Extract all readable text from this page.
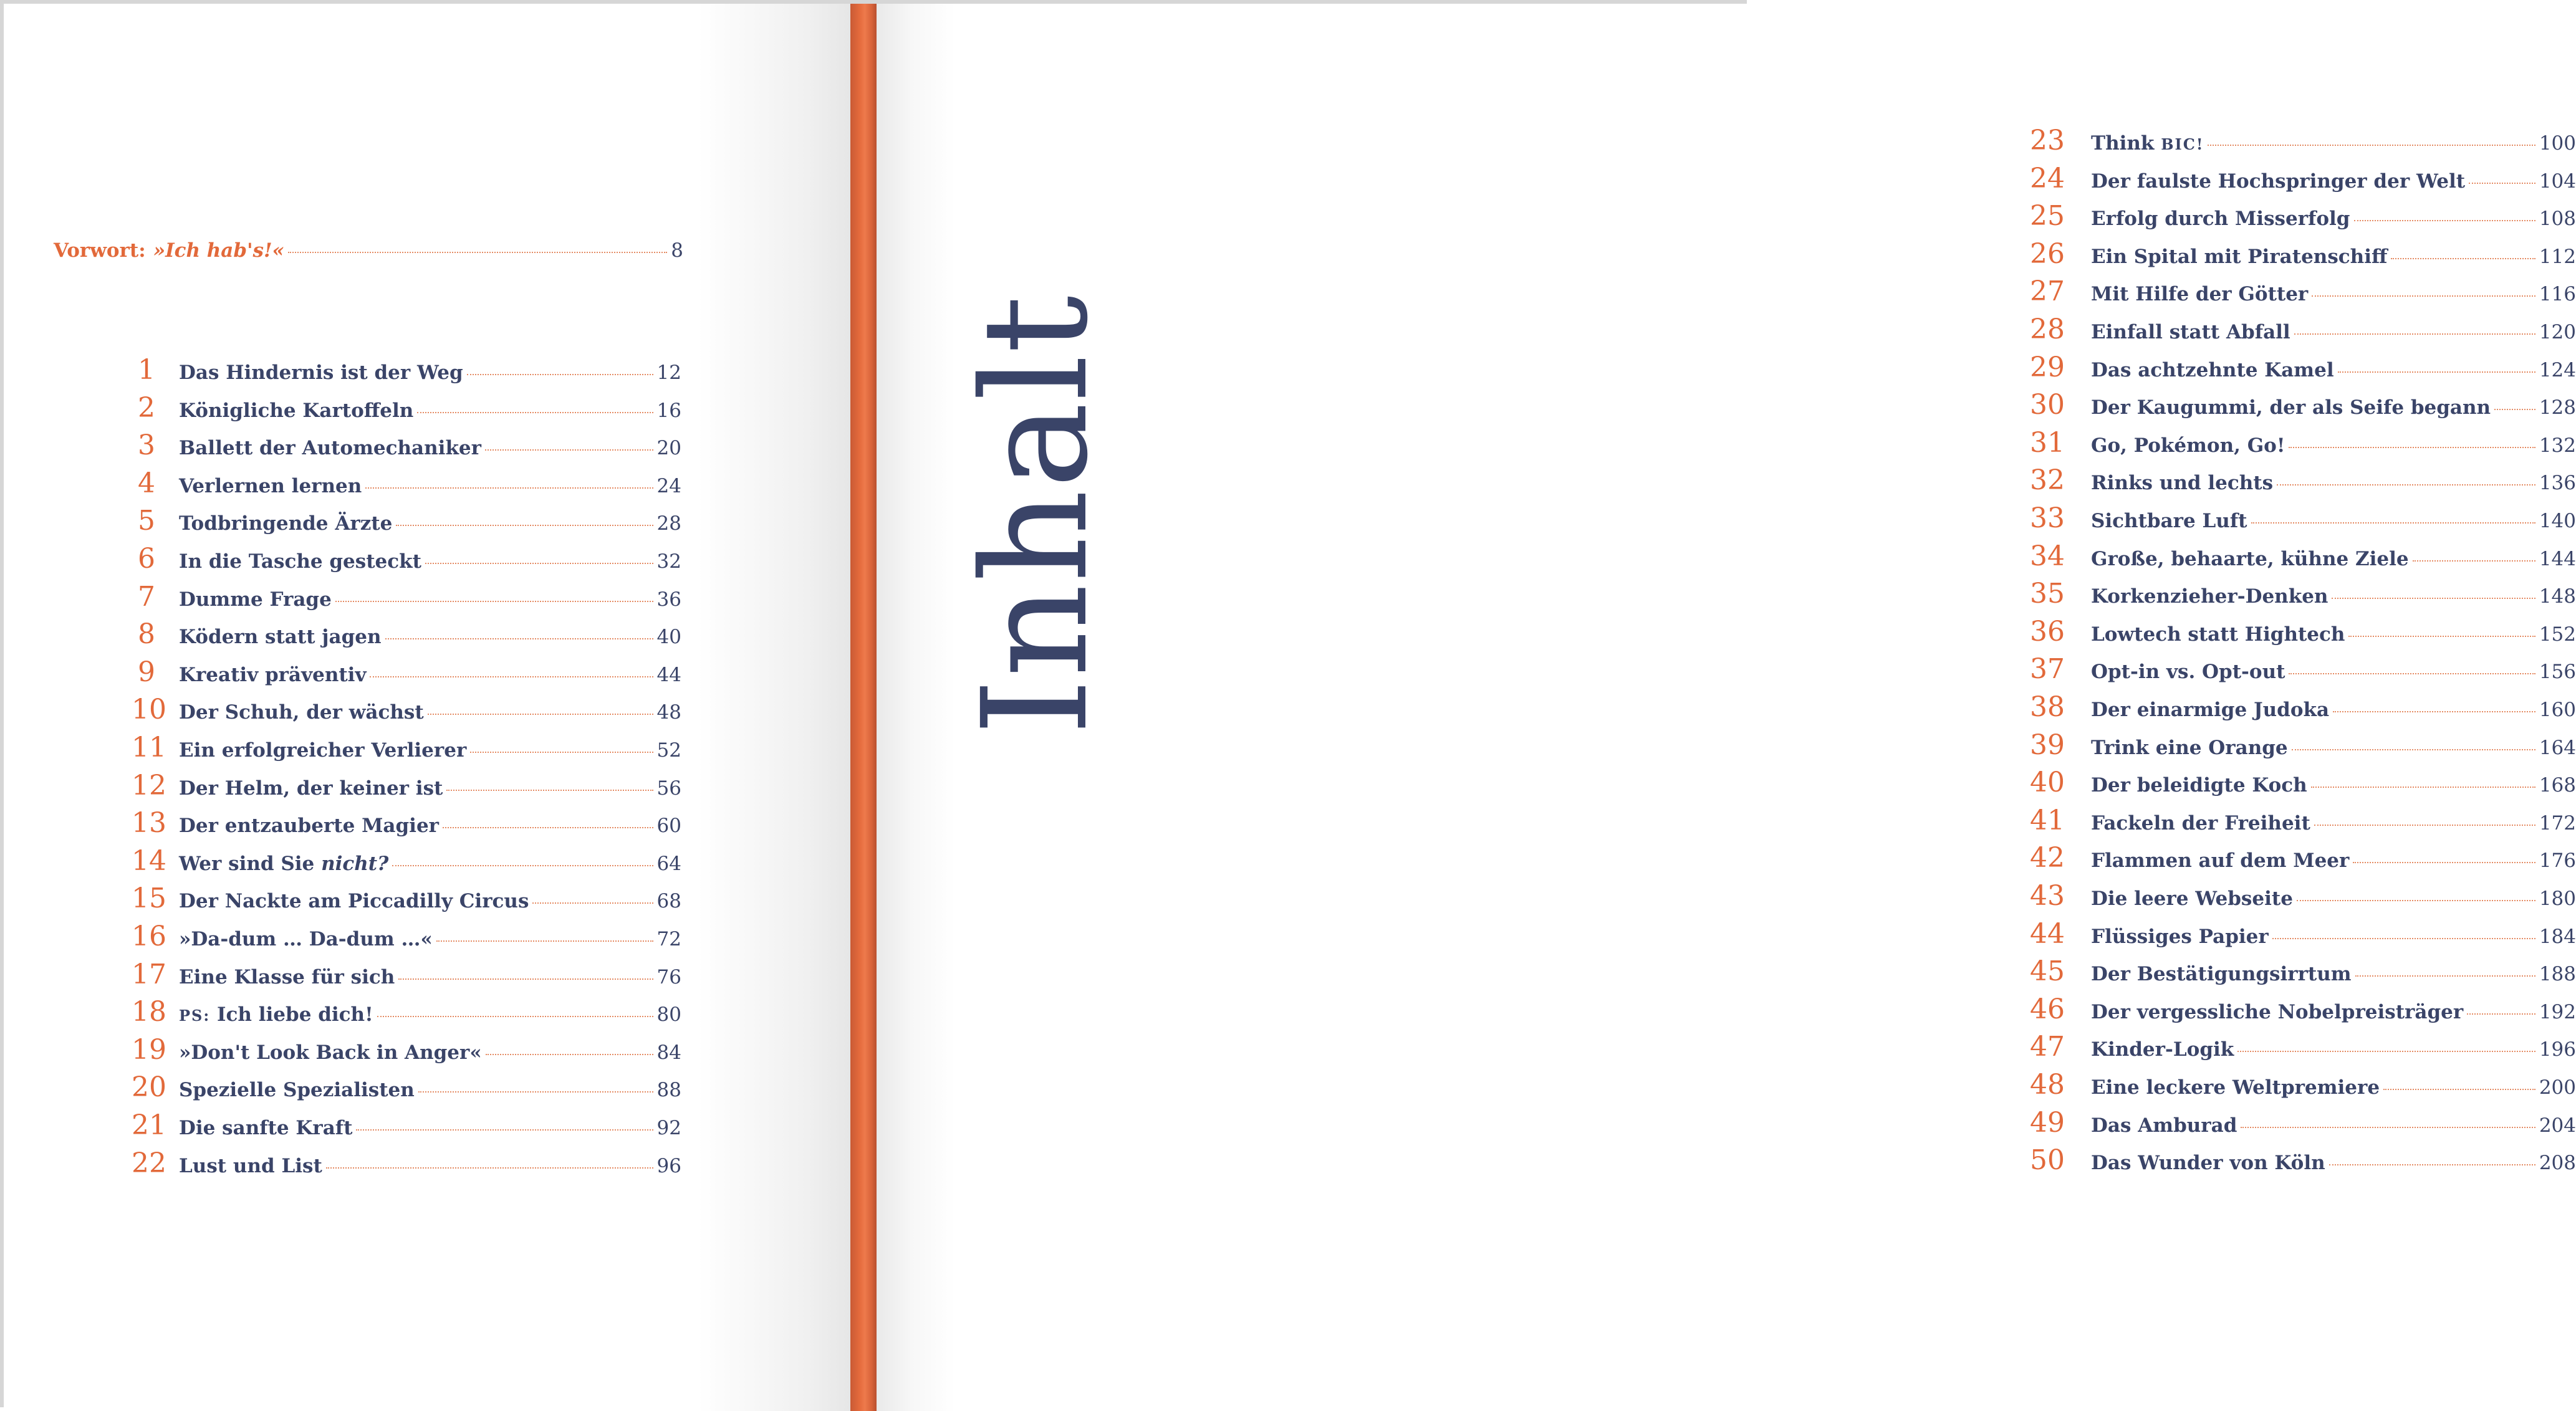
Vorwort: »Ich hab's!«	8
1	Das Hindernis ist der Weg	12
2	Königliche Kartoffeln	16
3	Ballett der Automechaniker	20
4	Verlernen lernen	24
5	Todbringende Ärzte	28
6	In die Tasche gesteckt	32
7	Dumme Frage	36
8	Ködern statt jagen	40
9	Kreativ präventiv	44
10 Der Schuh, der wächst	48
11 Ein erfolgreicher Verlierer	52
12 Der Helm, der keiner ist	56
13 Der entzauberte Magier	60
14 Wer sind Sie nicht?	64
15 Der Nackte am Piccadilly Circus	68
16 »Da-dum … Da-dum …«	72
17 Eine Klasse für sich	76
18 PS: Ich liebe dich!	80
19 »Don't Look Back in Anger«	84
20 Spezielle Spezialisten	88
21 Die sanfte Kraft	92
22 Lust und List	96
23	Think BIC!	100
24	Der faulste Hochspringer der Welt	104
25	Erfolg durch Misserfolg	108
26	Ein Spital mit Piratenschiff	112
27	Mit Hilfe der Götter	116
28	Einfall statt Abfall	120
29	Das achtzehnte Kamel	124
30	Der Kaugummi, der als Seife begann	128
31	Go, Pokémon, Go!	132
32	Rinks und lechts	136
33	Sichtbare Luft	140
34	Große, behaarte, kühne Ziele	144
35	Korkenzieher-Denken	148
36	Lowtech statt Hightech	152
37	Opt-in vs. Opt-out	156
38	Der einarmige Judoka	160
39	Trink eine Orange	164
40	Der beleidigte Koch	168
41	Fackeln der Freiheit	172
42	Flammen auf dem Meer	176
43	Die leere Webseite	180
44	Flüssiges Papier	184
45	Der Bestätigungsirrtum	188
46	Der vergessliche Nobelpreisträger	192
47	Kinder-Logik	196
48	Eine leckere Weltpremiere	200
49	Das Amburad	204
50	Das Wunder von Köln	208
Inhalt
